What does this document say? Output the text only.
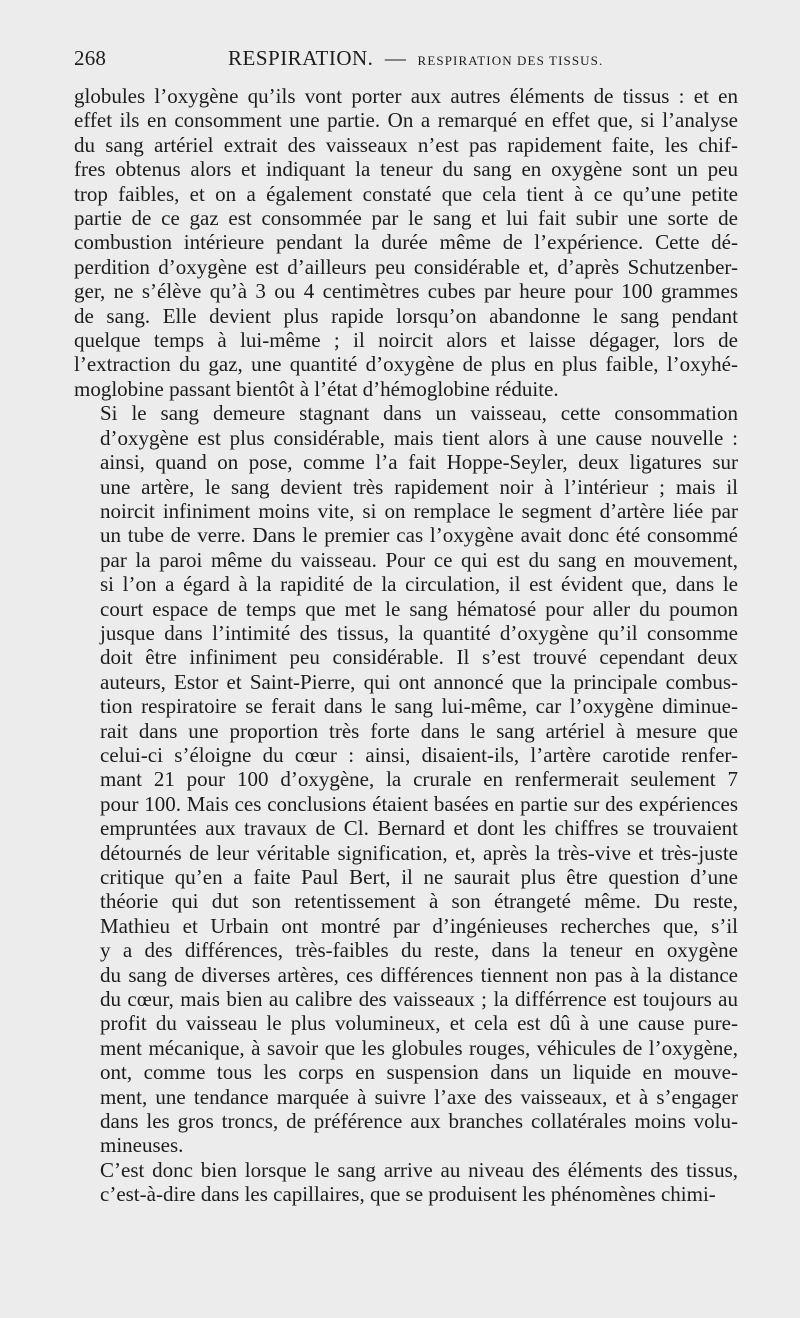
268	RESPIRATION. — RESPIRATION DES TISSUS.

globules l’oxygène qu’ils vont porter aux autres éléments de tissus : et en
effet ils en consomment une partie. On a remarqué en effet que, si l’analyse
du sang artériel extrait des vaisseaux n’est pas rapidement faite, les chif-
fres obtenus alors et indiquant la teneur du sang en oxygène sont un peu
trop faibles, et on a également constaté que cela tient à ce qu’une petite
partie de ce gaz est consommée par le sang et lui fait subir une sorte de
combustion intérieure pendant la durée même de l’expérience. Cette dé-
perdition d’oxygène est d’ailleurs peu considérable et, d’après Schutzenber-
ger, ne s’élève qu’à 3 ou 4 centimètres cubes par heure pour 100 grammes
de sang. Elle devient plus rapide lorsqu’on abandonne le sang pendant
quelque temps à lui-même ; il noircit alors et laisse dégager, lors de
l’extraction du gaz, une quantité d’oxygène de plus en plus faible, l’oxyhé-
moglobine passant bientôt à l’état d’hémoglobine réduite.

Si le sang demeure stagnant dans un vaisseau, cette consommation
d’oxygène est plus considérable, mais tient alors à une cause nouvelle :
ainsi, quand on pose, comme l’a fait Hoppe-Seyler, deux ligatures sur
une artère, le sang devient très rapidement noir à l’intérieur ; mais il
noircit infiniment moins vite, si on remplace le segment d’artère liée par
un tube de verre. Dans le premier cas l’oxygène avait donc été consommé
par la paroi même du vaisseau. Pour ce qui est du sang en mouvement,
si l’on a égard à la rapidité de la circulation, il est évident que, dans le
court espace de temps que met le sang hématosé pour aller du poumon
jusque dans l’intimité des tissus, la quantité d’oxygène qu’il consomme
doit être infiniment peu considérable. Il s’est trouvé cependant deux
auteurs, Estor et Saint-Pierre, qui ont annoncé que la principale combus-
tion respiratoire se ferait dans le sang lui-même, car l’oxygène diminue-
rait dans une proportion très forte dans le sang artériel à mesure que
celui-ci s’éloigne du cœur : ainsi, disaient-ils, l’artère carotide renfer-
mant 21 pour 100 d’oxygène, la crurale en renfermerait seulement 7
pour 100. Mais ces conclusions étaient basées en partie sur des expériences
empruntées aux travaux de Cl. Bernard et dont les chiffres se trouvaient
détournés de leur véritable signification, et, après la très-vive et très-juste
critique qu’en a faite Paul Bert, il ne saurait plus être question d’une
théorie qui dut son retentissement à son étrangeté même. Du reste,
Mathieu et Urbain ont montré par d’ingénieuses recherches que, s’il
y a des différences, très-faibles du reste, dans la teneur en oxygène
du sang de diverses artères, ces différences tiennent non pas à la distance
du cœur, mais bien au calibre des vaisseaux ; la différrence est toujours au
profit du vaisseau le plus volumineux, et cela est dû à une cause pure-
ment mécanique, à savoir que les globules rouges, véhicules de l’oxygène,
ont, comme tous les corps en suspension dans un liquide en mouve-
ment, une tendance marquée à suivre l’axe des vaisseaux, et à s’engager
dans les gros troncs, de préférence aux branches collatérales moins volu-
mineuses.

C’est donc bien lorsque le sang arrive au niveau des éléments des tissus,
c’est-à-dire dans les capillaires, que se produisent les phénomènes chimi-
